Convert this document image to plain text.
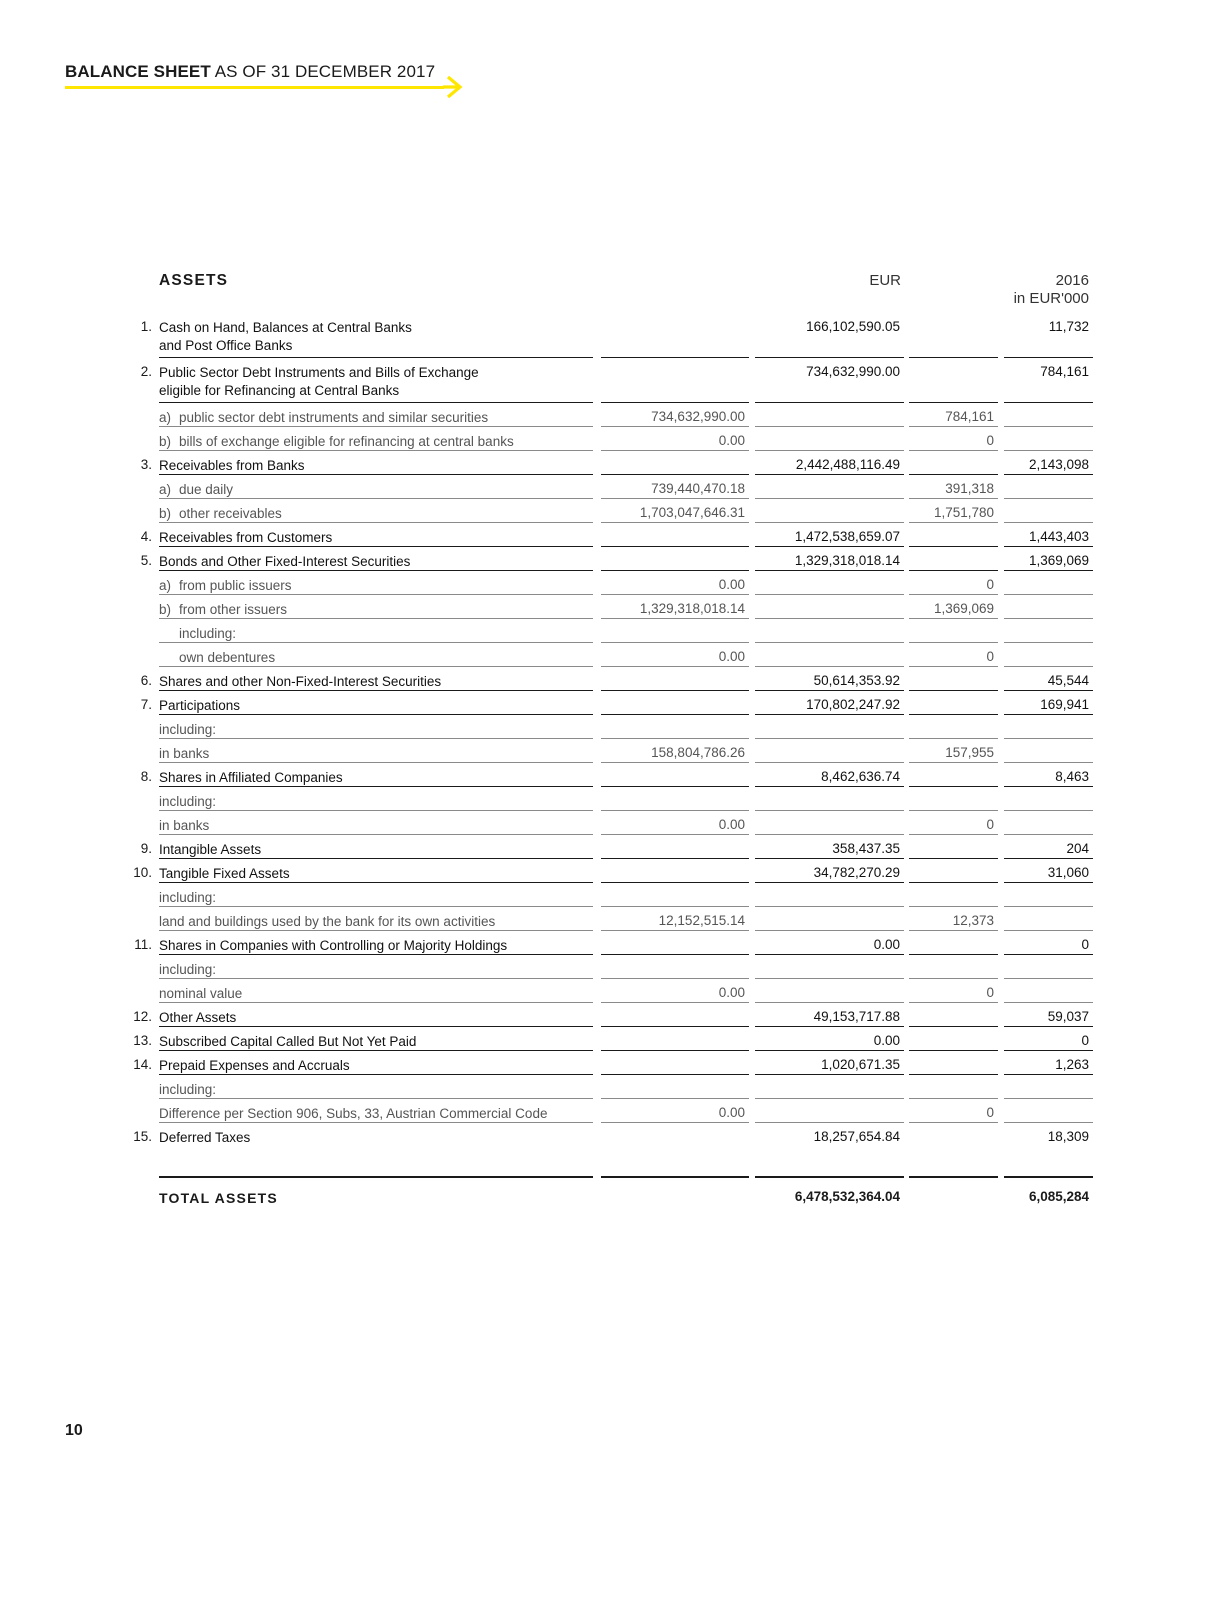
BALANCE SHEET AS OF 31 DECEMBER 2017
ASSETS	EUR	2016
in EUR'000
1. Cash on Hand, Balances at Central Banks
and Post Office Banks
166,102,590.05	11,732
2. Public Sector Debt Instruments and Bills of Exchange
eligible for Refinancing at Central Banks
734,632,990.00	784,161
a) public sector debt instruments and similar securities	734,632,990.00	784,161
b) bills of exchange eligible for refinancing at central banks	0.00	0
3. Receivables from Banks	2,442,488,116.49	2,143,098
a) due daily	739,440,470.18	391,318
b) other receivables	1,703,047,646.31	1,751,780
4. Receivables from Customers	1,472,538,659.07	1,443,403
5. Bonds and Other Fixed-Interest Securities	1,329,318,018.14	1,369,069
a) from public issuers	0.00	0
b) from other issuers	1,329,318,018.14	1,369,069
including:
own debentures	0.00	0
6. Shares and other Non-Fixed-Interest Securities	50,614,353.92	45,544
7. Participations	170,802,247.92	169,941
including:
in banks	158,804,786.26	157,955
8. Shares in Affiliated Companies	8,462,636.74	8,463
including:
in banks	0.00	0
9. Intangible Assets	358,437.35	204
10. Tangible Fixed Assets	34,782,270.29	31,060
including:
land and buildings used by the bank for its own activities	12,152,515.14	12,373
11. Shares in Companies with Controlling or Majority Holdings	0.00	0
including:
nominal value	0.00	0
12. Other Assets	49,153,717.88	59,037
13. Subscribed Capital Called But Not Yet Paid	0.00	0
14. Prepaid Expenses and Accruals	1,020,671.35	1,263
including:
Difference per Section 906, Subs, 33, Austrian Commercial Code	0.00	0
15. Deferred Taxes	18,257,654.84	18,309
TOTAL ASSETS	6,478,532,364.04	6,085,284
10
